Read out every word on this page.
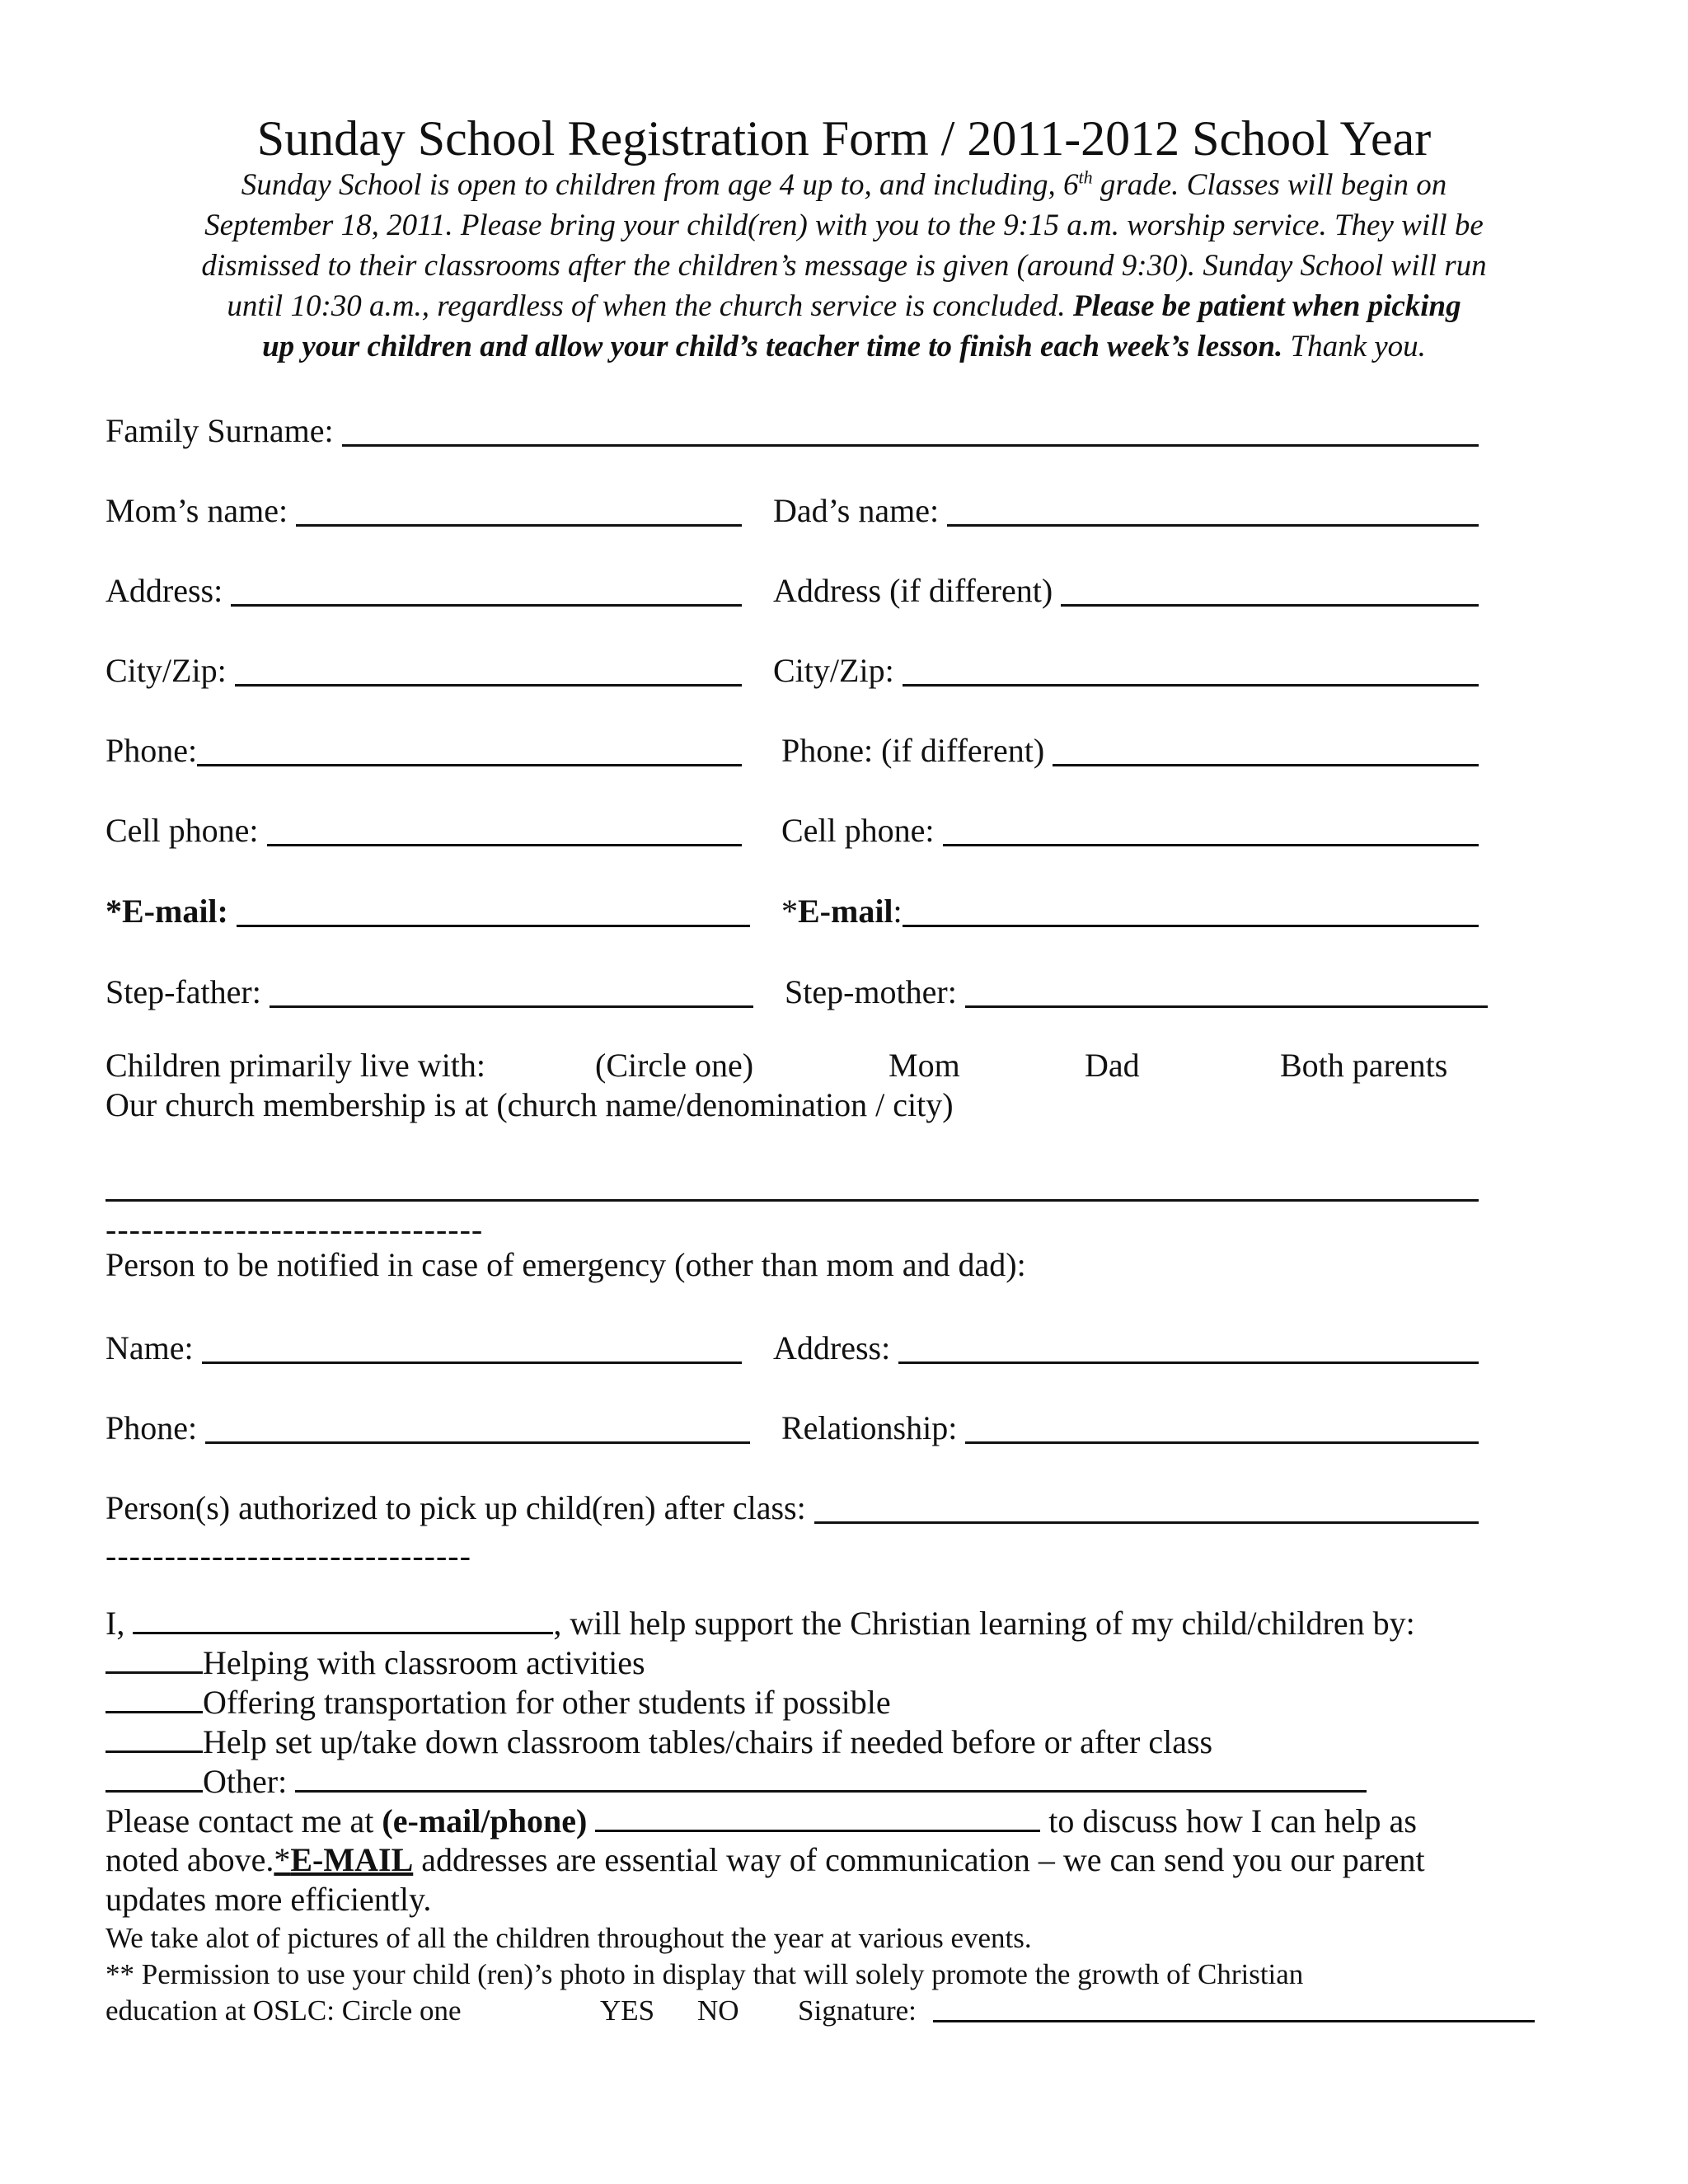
Sunday School Registration Form / 2011-2012 School Year
Sunday School is open to children from age 4 up to, and including, 6th grade. Classes will begin on
September 18, 2011. Please bring your child(ren) with you to the 9:15 a.m. worship service. They will be
dismissed to their classrooms after the children’s message is given (around 9:30). Sunday School will run
until 10:30 a.m., regardless of when the church service is concluded. Please be patient when picking
up your children and allow your child’s teacher time to finish each week’s lesson. Thank you.
Family Surname:
Mom’s name:	Dad’s name:
Address:	Address (if different)
City/Zip:	City/Zip:
Phone:	Phone: (if different)
Cell phone:	Cell phone:
*E-mail:	*E-mail:
Step-father:	Step-mother:
Children primarily live with:	(Circle one)	Mom	Dad	Both parents
Our church membership is at (church name/denomination / city)
--------------------------------
Person to be notified in case of emergency (other than mom and dad):
Name:	Address:
Phone:	Relationship:
Person(s) authorized to pick up child(ren) after class:
-------------------------------
I,	, will help support the Christian learning of my child/children by:
Helping with classroom activities
Offering transportation for other students if possible
Help set up/take down classroom tables/chairs if needed before or after class
Other:
Please contact me at (e-mail/phone)	to discuss how I can help as
noted above.*E-MAIL addresses are essential way of communication – we can send you our parent
updates more efficiently.
We take alot of pictures of all the children throughout the year at various events.
** Permission to use your child (ren)’s photo in display that will solely promote the growth of Christian
education at OSLC: Circle one	YES NO Signature:
